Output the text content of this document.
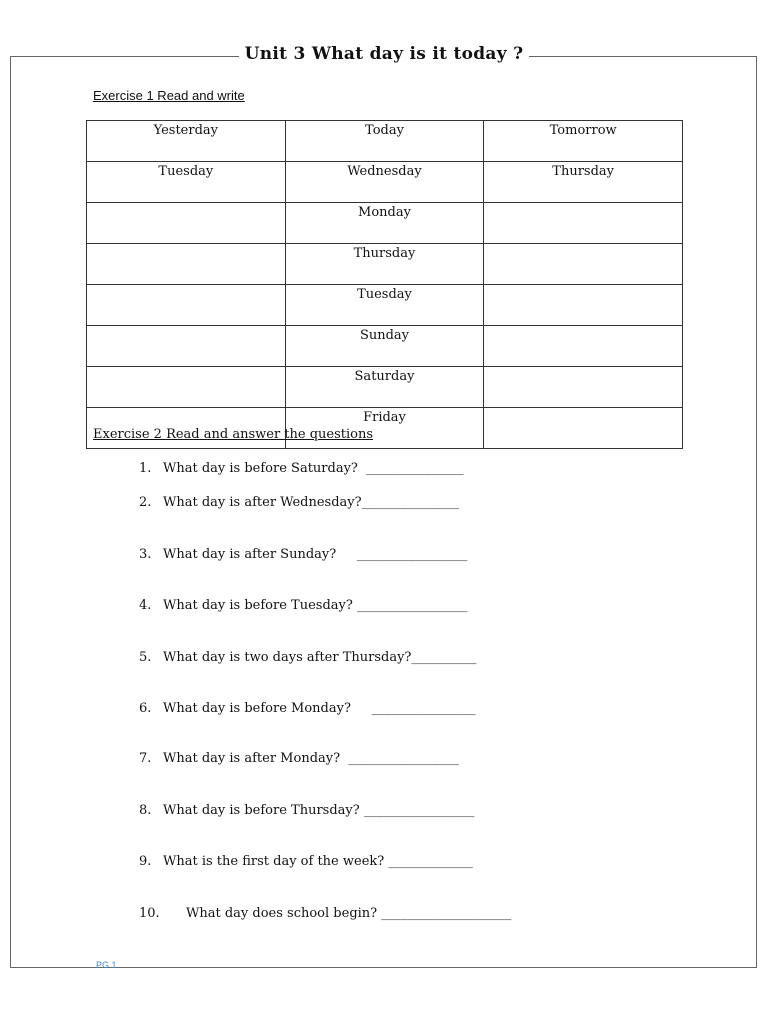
Unit 3 What day is it today ?
Exercise 1 Read and write
Yesterday	Today	Tomorrow
Tuesday	Wednesday	Thursday
	Monday	
	Thursday	
	Tuesday	
	Sunday	
	Saturday	
	Friday	
Exercise 2 Read and answer the questions
1. What day is before Saturday?  _______________
2. What day is after Wednesday?_______________
3. What day is after Sunday?     _________________
4. What day is before Tuesday? _________________
5. What day is two days after Thursday?__________
6. What day is before Monday?     ________________
7. What day is after Monday?  _________________
8. What day is before Thursday? _________________
9. What is the first day of the week? _____________
10. What day does school begin? ____________________
PG 1
